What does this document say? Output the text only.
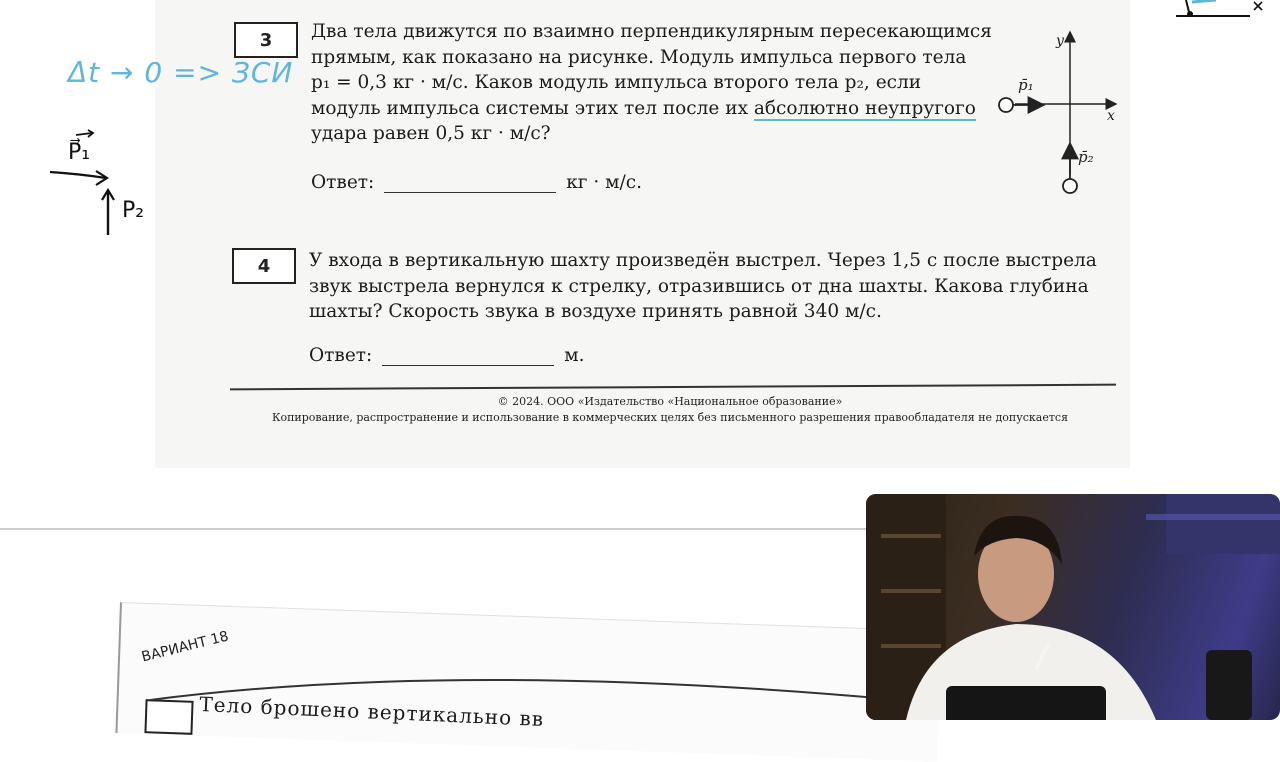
3 Два тела движутся по взаимно перпендикулярным пересекающимся
прямым, как показано на рисунке. Модуль импульса первого тела
p₁ = 0,3 кг · м/с. Каков модуль импульса второго тела p₂, если
модуль импульса системы этих тел после их абсолютно неупругого
удара равен 0,5 кг · м/с?
Ответ:	кг · м/с.
y
x
p̄₁
p̄₂
4 У входа в вертикальную шахту произведён выстрел. Через 1,5 с после выстрела
звук выстрела вернулся к стрелку, отразившись от дна шахты. Какова глубина
шахты? Скорость звука в воздухе принять равной 340 м/с.
Ответ:	м.
© 2024. ООО «Издательство «Национальное образование»
Копирование, распространение и использование в коммерческих целях без письменного разрешения правообладателя не допускается
ВАРИАНТ 18
Тело брошено вертикально вв
Δt → 0 => ЗСИ
P⃗₁
P₂
